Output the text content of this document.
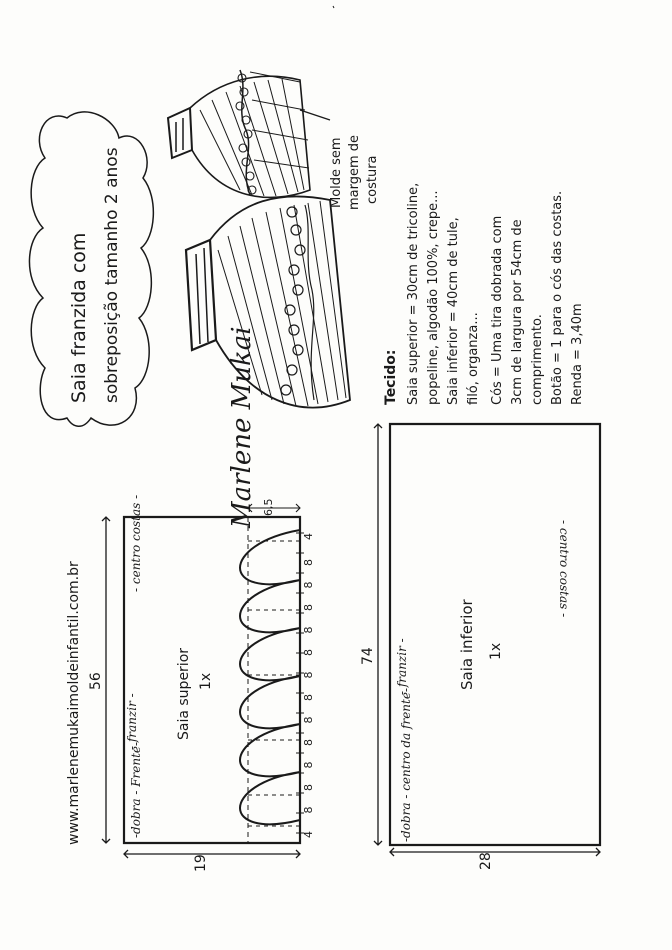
Saia franzida com sobreposição tamanho 2 anos	Molde sem margem de costura
Tecido: Saia superior = 30cm de tricoline, popeline, algodão 100%, crepe... Saia inferior = 40cm de tule, filó, organza... Cós = Uma tira dobrada com 3cm de largura por 54cm de comprimento. Botão = 1 para o cós das costas. Renda = 3,40m
Marlene Mukai
www.marlenemukaimoldeinfantil.com.br
4
4
8
8
8
8
8
8
8
8
8
8
8
8
56
19
6,5
- centro costas -
-dobra - Frente-
- franzir -	Saia superior 1x
74
28
- centro costas -
-dobra - centro da frente-
- franzir -	Saia inferior 1x
